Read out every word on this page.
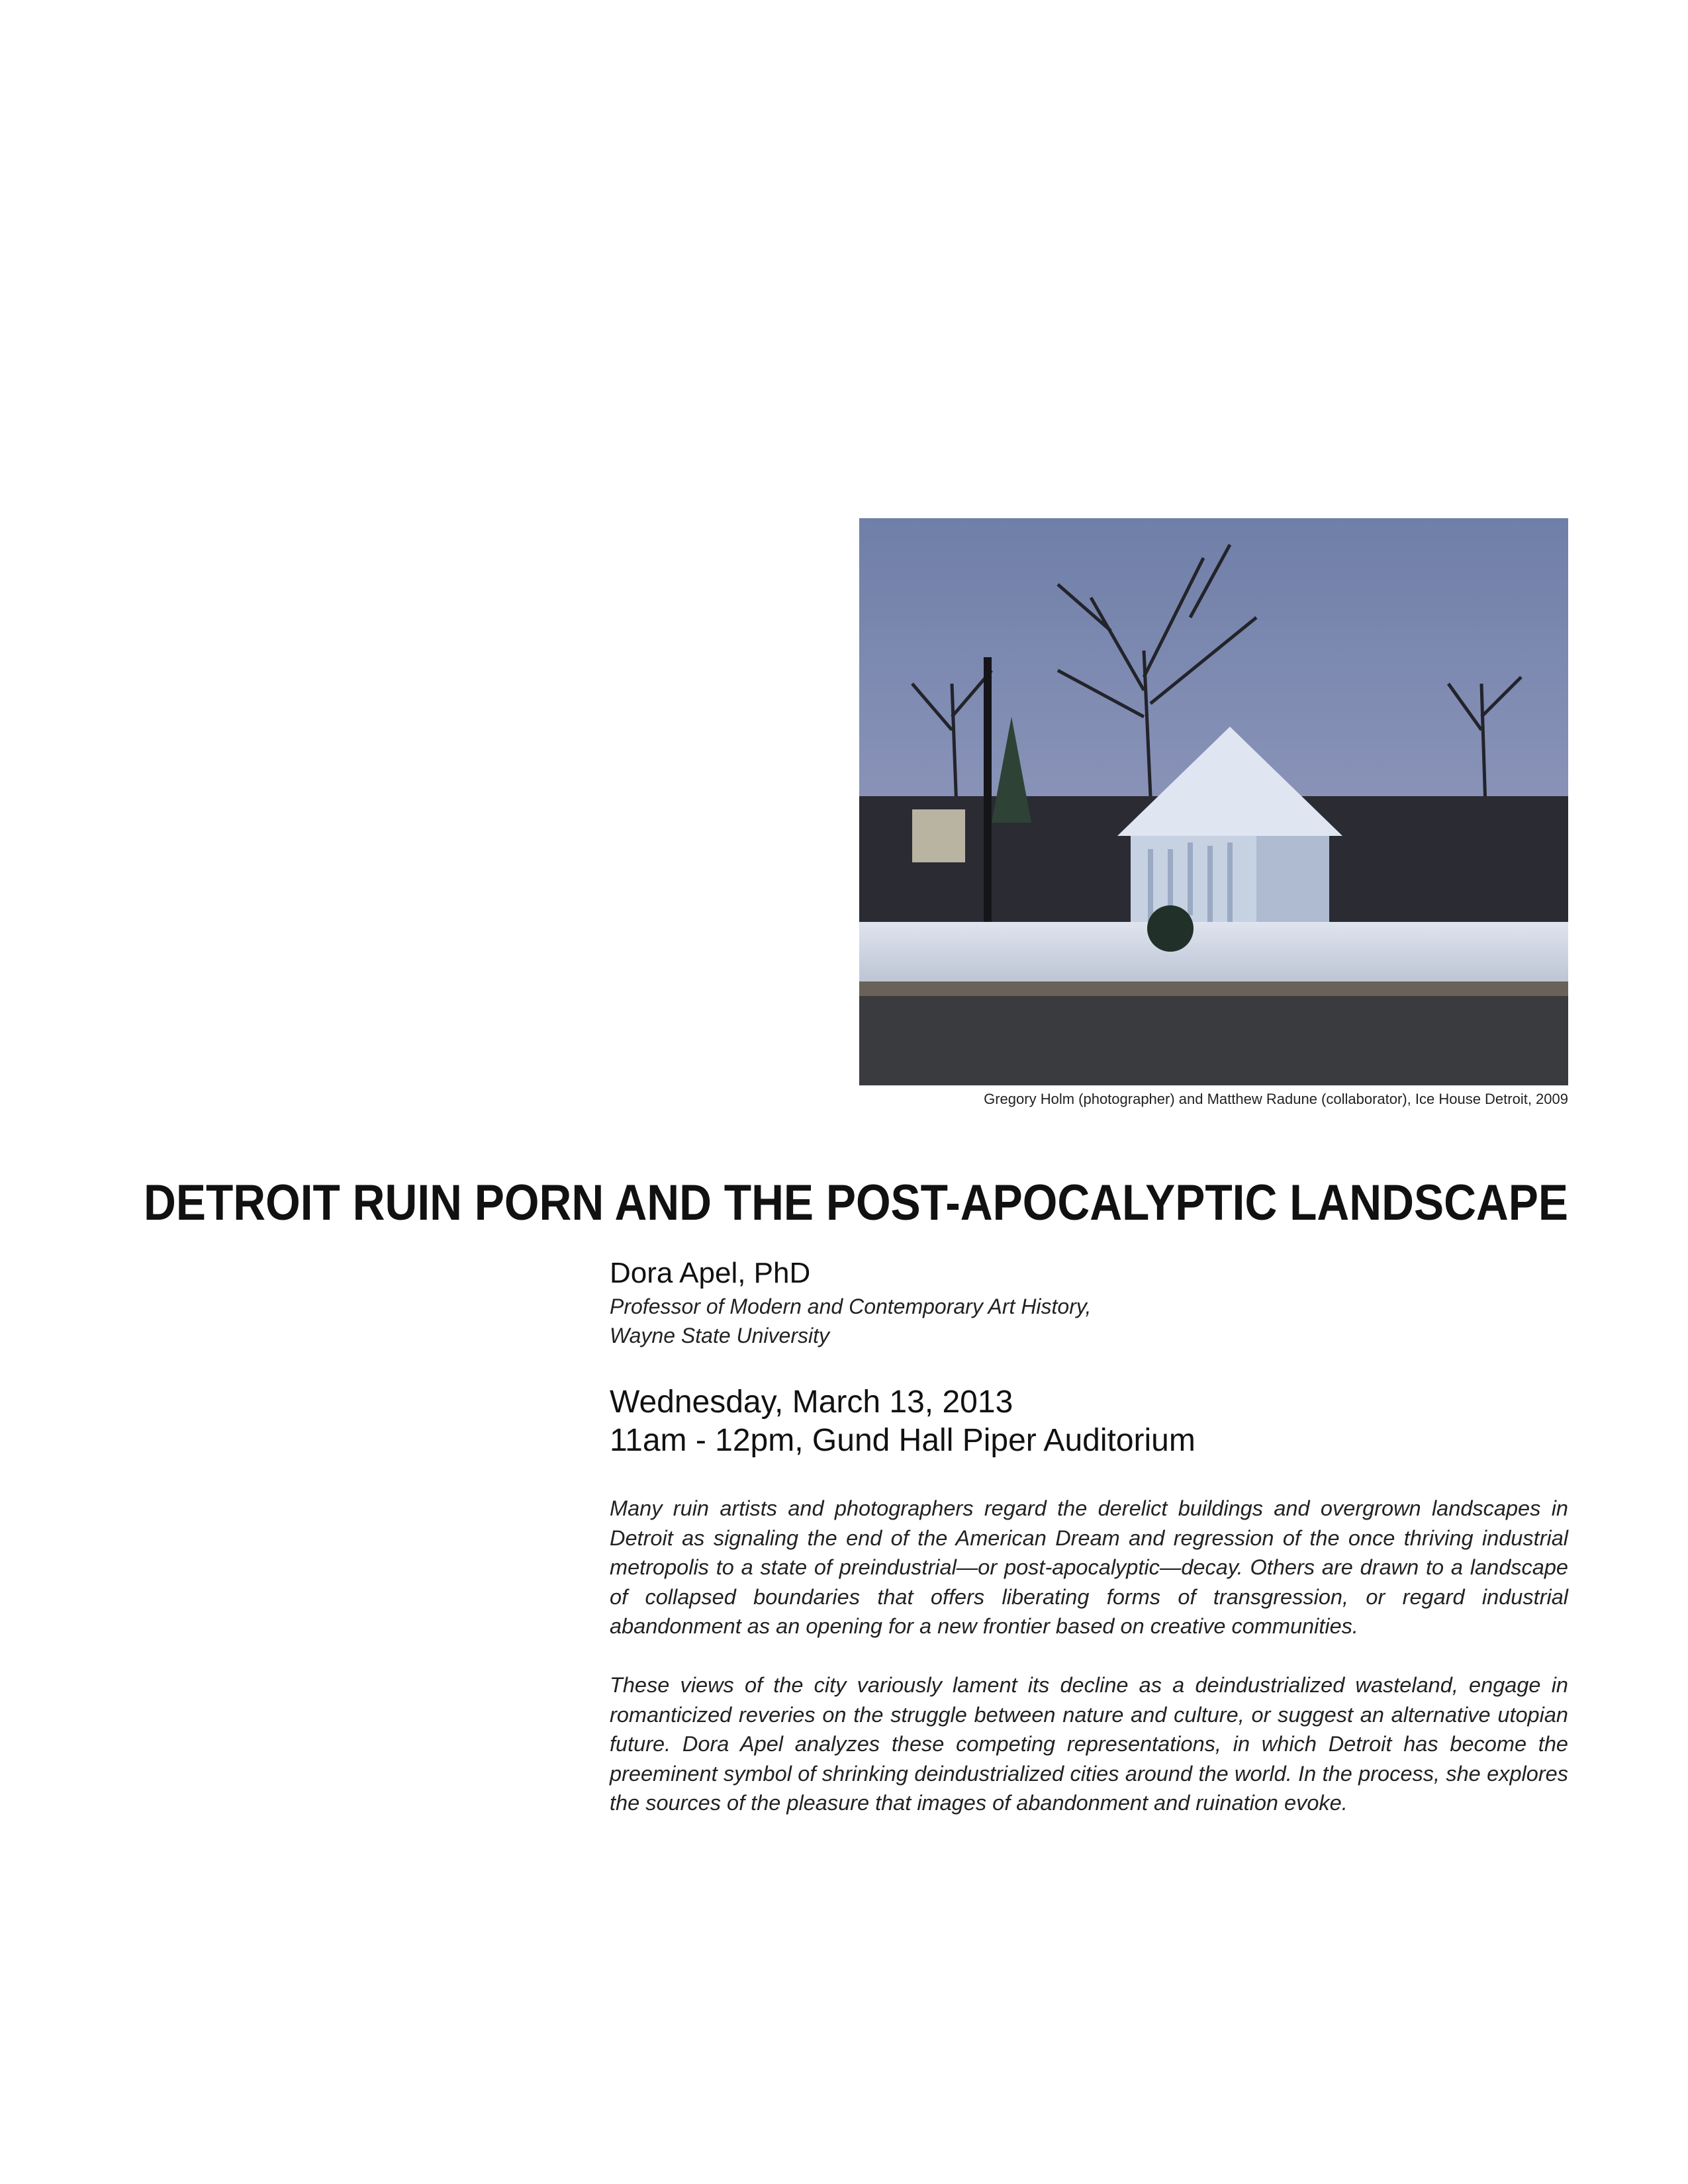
Gregory Holm (photographer) and Matthew Radune (collaborator), Ice House Detroit, 2009
DETROIT RUIN PORN AND THE POST-APOCALYPTIC LANDSCAPE
Dora Apel, PhD
Professor of Modern and Contemporary Art History,
Wayne State University
Wednesday, March 13, 2013
11am - 12pm, Gund Hall Piper Auditorium
Many ruin artists and photographers regard the derelict buildings and overgrown landscapes in Detroit as signaling the end of the American Dream and regression of the once thriving industrial metropolis to a state of preindustrial—or post-apocalyptic—decay. Others are drawn to a landscape of collapsed boundaries that offers liberating forms of transgression, or regard industrial abandonment as an opening for a new frontier based on creative communities.
These views of the city variously lament its decline as a deindustrialized wasteland, engage in romanticized reveries on the struggle between nature and culture, or suggest an alternative utopian future. Dora Apel analyzes these competing representations, in which Detroit has become the preeminent symbol of shrinking deindustrialized cities around the world. In the process, she explores the sources of the pleasure that images of abandonment and ruination evoke.
